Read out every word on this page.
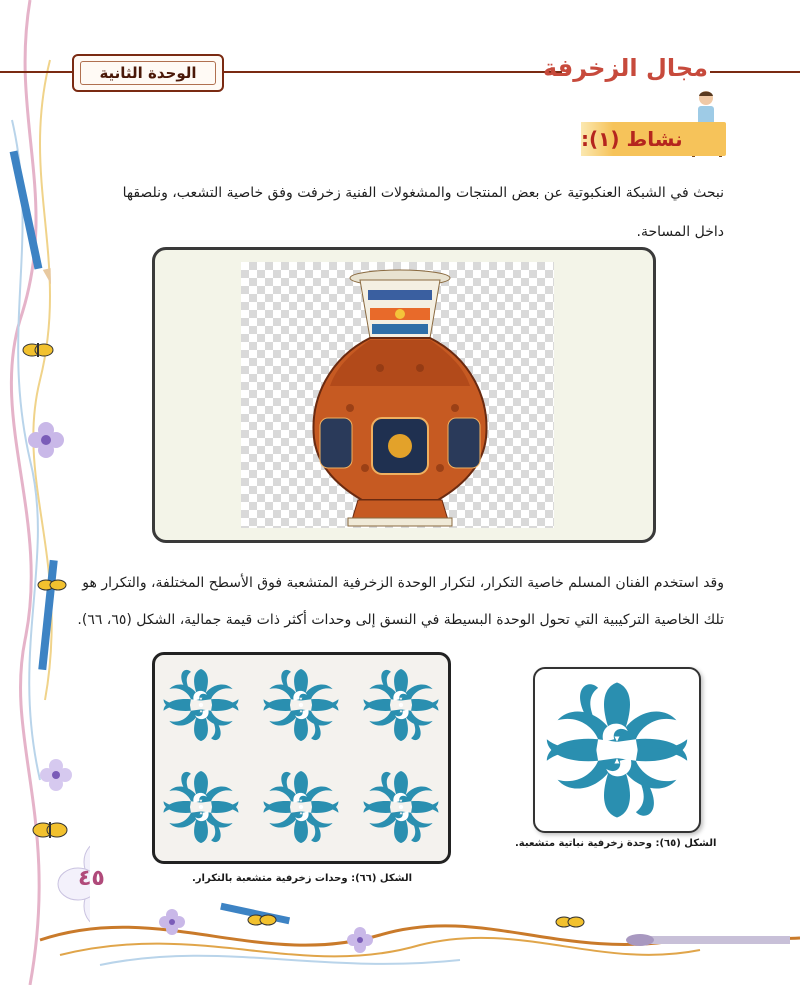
الوحدة الثانية	مجال الزخرفة
نشاط (١):
نبحث في الشبكة العنكبوتية عن بعض المنتجات والمشغولات الفنية زخرفت وفق خاصية التشعب، ونلصقها
داخل المساحة.
وقد استخدم الفنان المسلم خاصية التكرار، لتكرار الوحدة الزخرفية المتشعبة فوق الأسطح المختلفة، والتكرار هو
تلك الخاصية التركيبية التي تحول الوحدة البسيطة في النسق إلى وحدات أكثر ذات قيمة جمالية، الشكل (٦٥، ٦٦).
الشكل (٦٦): وحدات زخرفية متشعبة بالتكرار.
الشكل (٦٥): وحدة زخرفية نباتية متشعبة.
٤٥
